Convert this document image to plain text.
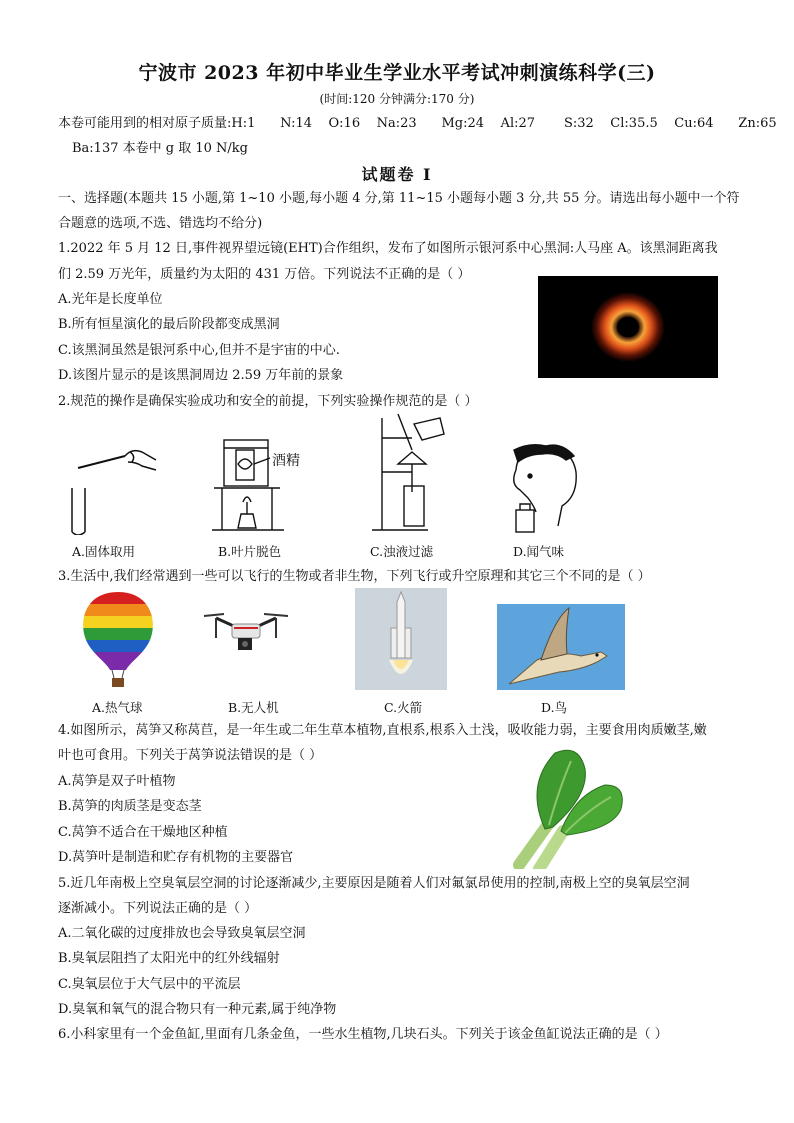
宁波市 2023 年初中毕业生学业水平考试冲刺演练科学(三)
(时间:120 分钟满分:170 分)
本卷可能用到的相对原子质量:H:1      N:14    O:16    Na:23      Mg:24    Al:27       S:32    Cl:35.5    Cu:64      Zn:65
Ba:137 本卷中 g 取 10 N/kg
试题卷 I
一、选择题(本题共 15 小题,第 1~10 小题,每小题 4 分,第 11~15 小题每小题 3 分,共 55 分。请选出每小题中一个符
合题意的选项,不选、错选均不给分)
1.2022 年 5 月 12 日,事件视界望远镜(EHT)合作组织，发布了如图所示银河系中心黑洞:人马座 A。该黑洞距离我
们 2.59 万光年，质量约为太阳的 431 万倍。下列说法不正确的是（ ）
A.光年是长度单位
B.所有恒星演化的最后阶段都变成黑洞
C.该黑洞虽然是银河系中心,但并不是宇宙的中心.
D.该图片显示的是该黑洞周边 2.59 万年前的景象
2.规范的操作是确保实验成功和安全的前提，下列实验操作规范的是（ ）
酒精
A.固体取用	B.叶片脱色	C.浊液过滤	D.闻气味
3.生活中,我们经常遇到一些可以飞行的生物或者非生物，下列飞行或升空原理和其它三个不同的是（ ）
A.热气球	B.无人机	C.火箭	D.鸟
4.如图所示，莴笋又称莴苣，是一年生或二年生草本植物,直根系,根系入土浅，吸收能力弱，主要食用肉质嫩茎,嫩
叶也可食用。下列关于莴笋说法错误的是（ ）
A.莴笋是双子叶植物
B.莴笋的肉质茎是变态茎
C.莴笋不适合在干燥地区种植
D.莴笋叶是制造和贮存有机物的主要器官
5.近几年南极上空臭氧层空洞的讨论逐渐减少,主要原因是随着人们对氟氯昂使用的控制,南极上空的臭氧层空洞
逐渐减小。下列说法正确的是（ ）
A.二氧化碳的过度排放也会导致臭氧层空洞
B.臭氧层阻挡了太阳光中的红外线辐射
C.臭氧层位于大气层中的平流层
D.臭氧和氧气的混合物只有一种元素,属于纯净物
6.小科家里有一个金鱼缸,里面有几条金鱼，一些水生植物,几块石头。下列关于该金鱼缸说法正确的是（ ）
